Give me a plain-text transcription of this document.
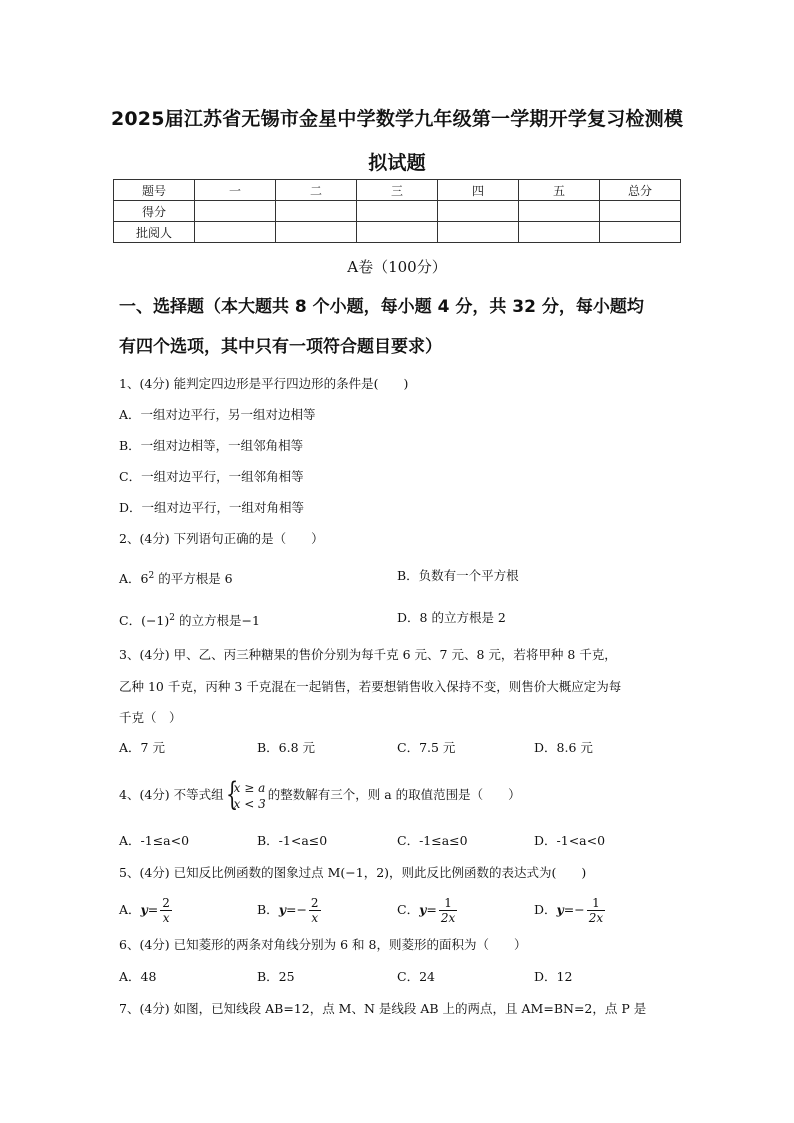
2025届江苏省无锡市金星中学数学九年级第一学期开学复习检测模
拟试题
题号	一	二	三	四	五	总分
得分						
批阅人						
A卷（100分）
一、选择题（本大题共 8 个小题，每小题 4 分，共 32 分，每小题均
有四个选项，其中只有一项符合题目要求）
1、(4分) 能判定四边形是平行四边形的条件是(　　)
A．一组对边平行，另一组对边相等
B．一组对边相等，一组邻角相等
C．一组对边平行，一组邻角相等
D．一组对边平行，一组对角相等
2、(4分) 下列语句正确的是（　　）
A．$6^2$ 的平方根是 6	B．负数有一个平方根
C．$(-1)^2$ 的立方根是−1	D．8 的立方根是 2
3、(4分) 甲、乙、丙三种糖果的售价分别为每千克 6 元、7 元、8 元，若将甲种 8 千克，
乙种 10 千克，丙种 3 千克混在一起销售，若要想销售收入保持不变，则售价大概应定为每
千克（　）
A．7 元	B．6.8 元	C．7.5 元	D．8.6 元
4、(4分) 不等式组 {
x ≥ a
x < 3
的整数解有三个，则 a 的取值范围是（　　）
A．-1≤a<0	B．-1<a≤0	C．-1≤a≤0	D．-1<a<0
5、(4分) 已知反比例函数的图象过点 M(−1，2)，则此反比例函数的表达式为(　　)
A．$y= \frac{2}{x}$	B．$y=- \frac{2}{x}$	C．$y= \frac{1}{2x}$	D．$y=- \frac{1}{2x}$
6、(4分) 已知菱形的两条对角线分别为 6 和 8，则菱形的面积为（　　）
A．48	B．25	C．24	D．12
7、(4分) 如图，已知线段 AB=12，点 M、N 是线段 AB 上的两点，且 AM=BN=2，点 P 是
